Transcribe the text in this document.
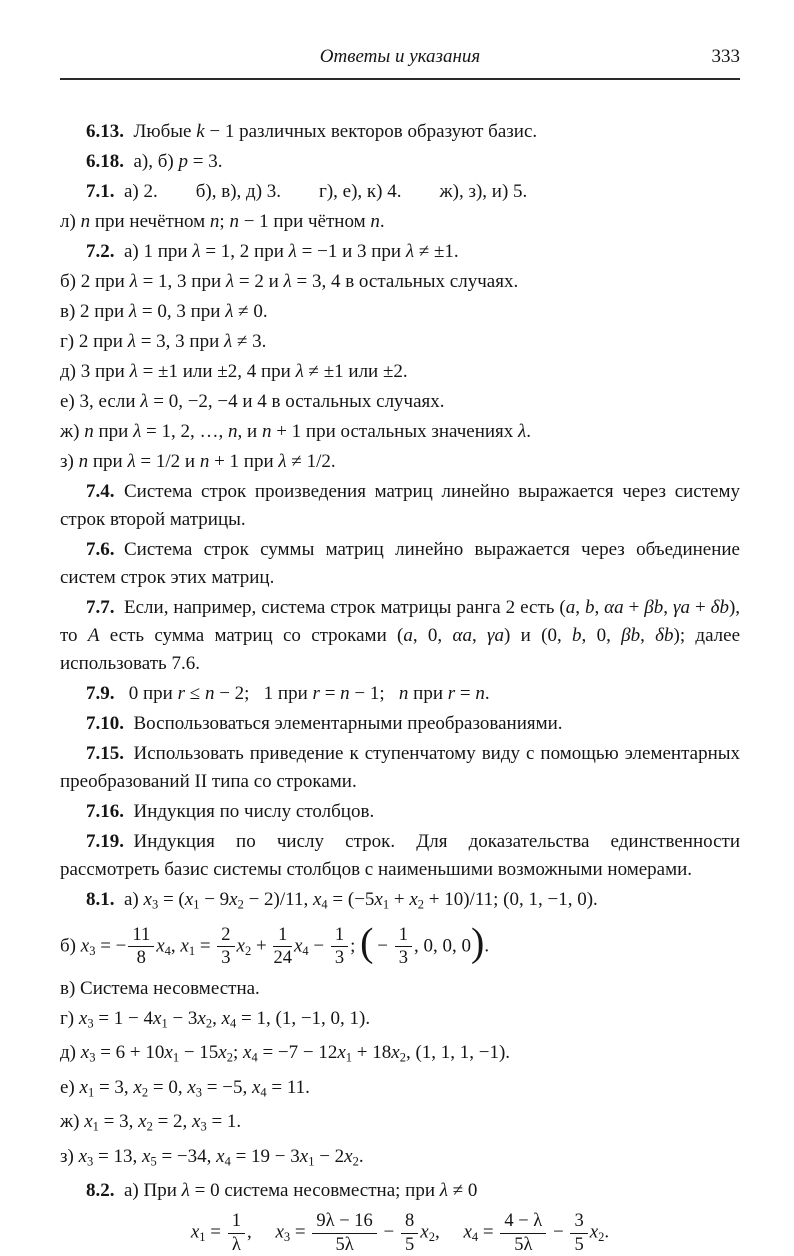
Ответы и указания	333
6.13. Любые k − 1 различных векторов образуют базис.
6.18. а), б) p = 3.
7.1. а) 2.  б), в), д) 3.  г), е), к) 4.  ж), з), и) 5.
л) n при нечётном n; n − 1 при чётном n.
7.2. а) 1 при λ = 1, 2 при λ = −1 и 3 при λ ≠ ±1.
б) 2 при λ = 1, 3 при λ = 2 и λ = 3, 4 в остальных случаях.
в) 2 при λ = 0, 3 при λ ≠ 0.
г) 2 при λ = 3, 3 при λ ≠ 3.
д) 3 при λ = ±1 или ±2, 4 при λ ≠ ±1 или ±2.
е) 3, если λ = 0, −2, −4 и 4 в остальных случаях.
ж) n при λ = 1, 2, …, n, и n + 1 при остальных значениях λ.
з) n при λ = 1/2 и n + 1 при λ ≠ 1/2.
7.4. Система строк произведения матриц линейно выражается через систему строк второй матрицы.
7.6. Система строк суммы матриц линейно выражается через объединение систем строк этих матриц.
7.7. Если, например, система строк матрицы ранга 2 есть (a, b, αa + βb, γa + δb), то A есть сумма матриц со строками (a, 0, αa, γa) и (0, b, 0, βb, δb); далее использовать 7.6.
7.9.  0 при r ≤ n − 2;  1 при r = n − 1;  n при r = n.
7.10. Воспользоваться элементарными преобразованиями.
7.15. Использовать приведение к ступенчатому виду с помощью элементарных преобразований II типа со строками.
7.16. Индукция по числу столбцов.
7.19. Индукция по числу строк. Для доказательства единственности рассмотреть базис системы столбцов с наименьшими возможными номерами.
8.1. а) x3 = (x1 − 9x2 − 2)/11, x4 = (−5x1 + x2 + 10)/11; (0, 1, −1, 0).
б) x3 = − $\frac{11}{8} x4$, $x1 = \frac{2}{3} x2 + \frac{1}{24} x4 - \frac{1}{3}$ ; ( − $\frac{1}{3}$ , 0, 0, 0).
в) Система несовместна.
г) x3 = 1 − 4x1 − 3x2, x4 = 1, (1, −1, 0, 1).
д) x3 = 6 + 10x1 − 15x2; x4 = −7 − 12x1 + 18x2, (1, 1, 1, −1).
е) x1 = 3, x2 = 0, x3 = −5, x4 = 11.
ж) x1 = 3, x2 = 2, x3 = 1.
з) x3 = 13, x5 = −34, x4 = 19 − 3x1 − 2x2.
8.2. а) При λ = 0 система несовместна; при λ ≠ 0
$x1 = \frac{1}{\lambda}$ ,  $x3 = \frac{9\lambda - 16}{5\lambda} - \frac{8}{5} x2$,  $x4 = \frac{4 - \lambda}{5\lambda} - \frac{3}{5} x2$.
